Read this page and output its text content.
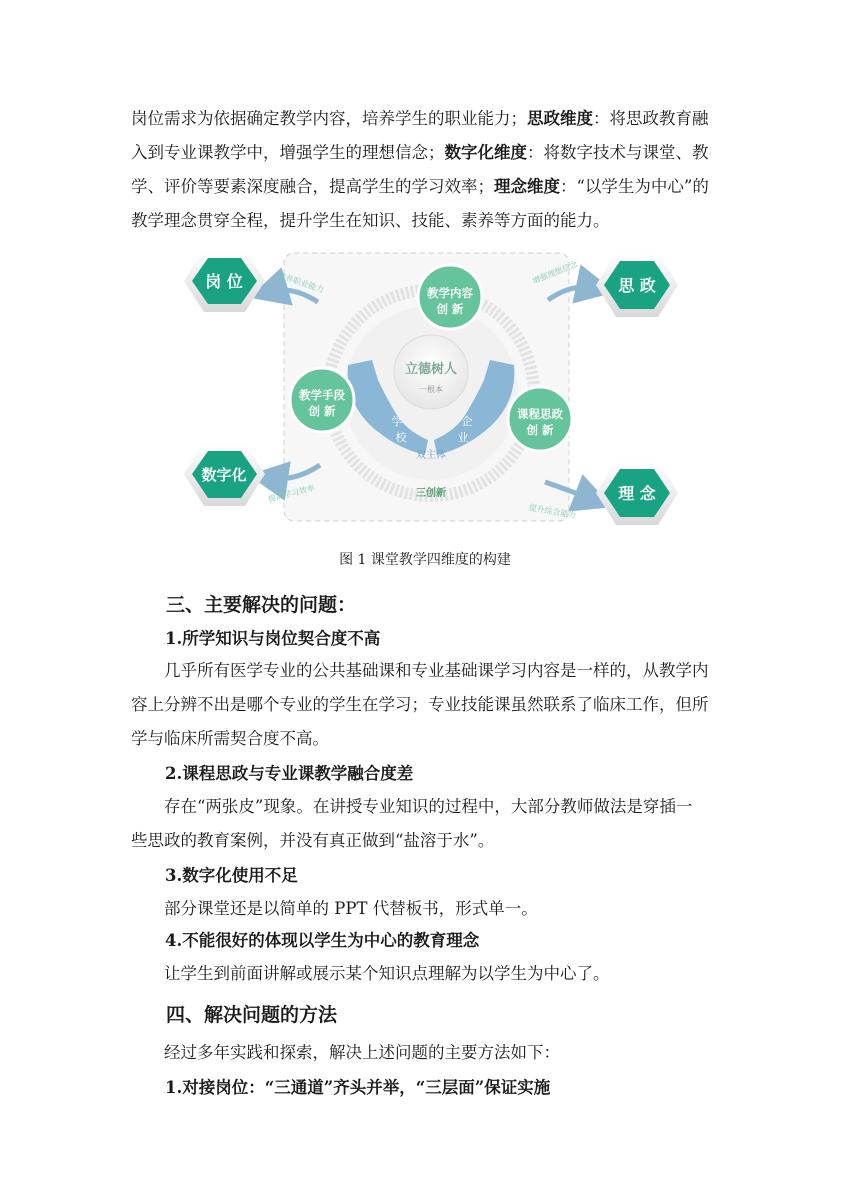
岗位需求为依据确定教学内容，培养学生的职业能力；思政维度：将思政教育融入到专业课教学中，增强学生的理想信念；数字化维度：将数字技术与课堂、教学、评价等要素深度融合，提高学生的学习效率；理念维度：“以学生为中心”的教学理念贯穿全程，提升学生在知识、技能、素养等方面的能力。

立德树人
一根本
学
校
企
业
双主体
三创新
教学内容
创 新
教学手段
创 新	课程思政
创 新
培养职业能力	增强理想信念
提高学习效率
提升综合能力
岗 位	思 政
数字化
理 念
图 1 课堂教学四维度的构建
三、主要解决的问题：
1.所学知识与岗位契合度不高
几乎所有医学专业的公共基础课和专业基础课学习内容是一样的，从教学内
容上分辨不出是哪个专业的学生在学习；专业技能课虽然联系了临床工作，但所
学与临床所需契合度不高。
2.课程思政与专业课教学融合度差
存在“两张皮”现象。在讲授专业知识的过程中，大部分教师做法是穿插一
些思政的教育案例，并没有真正做到“盐溶于水”。
3.数字化使用不足
部分课堂还是以简单的 PPT 代替板书，形式单一。
4.不能很好的体现以学生为中心的教育理念
让学生到前面讲解或展示某个知识点理解为以学生为中心了。
四、解决问题的方法
经过多年实践和探索，解决上述问题的主要方法如下：
1.对接岗位：“三通道”齐头并举，“三层面”保证实施
